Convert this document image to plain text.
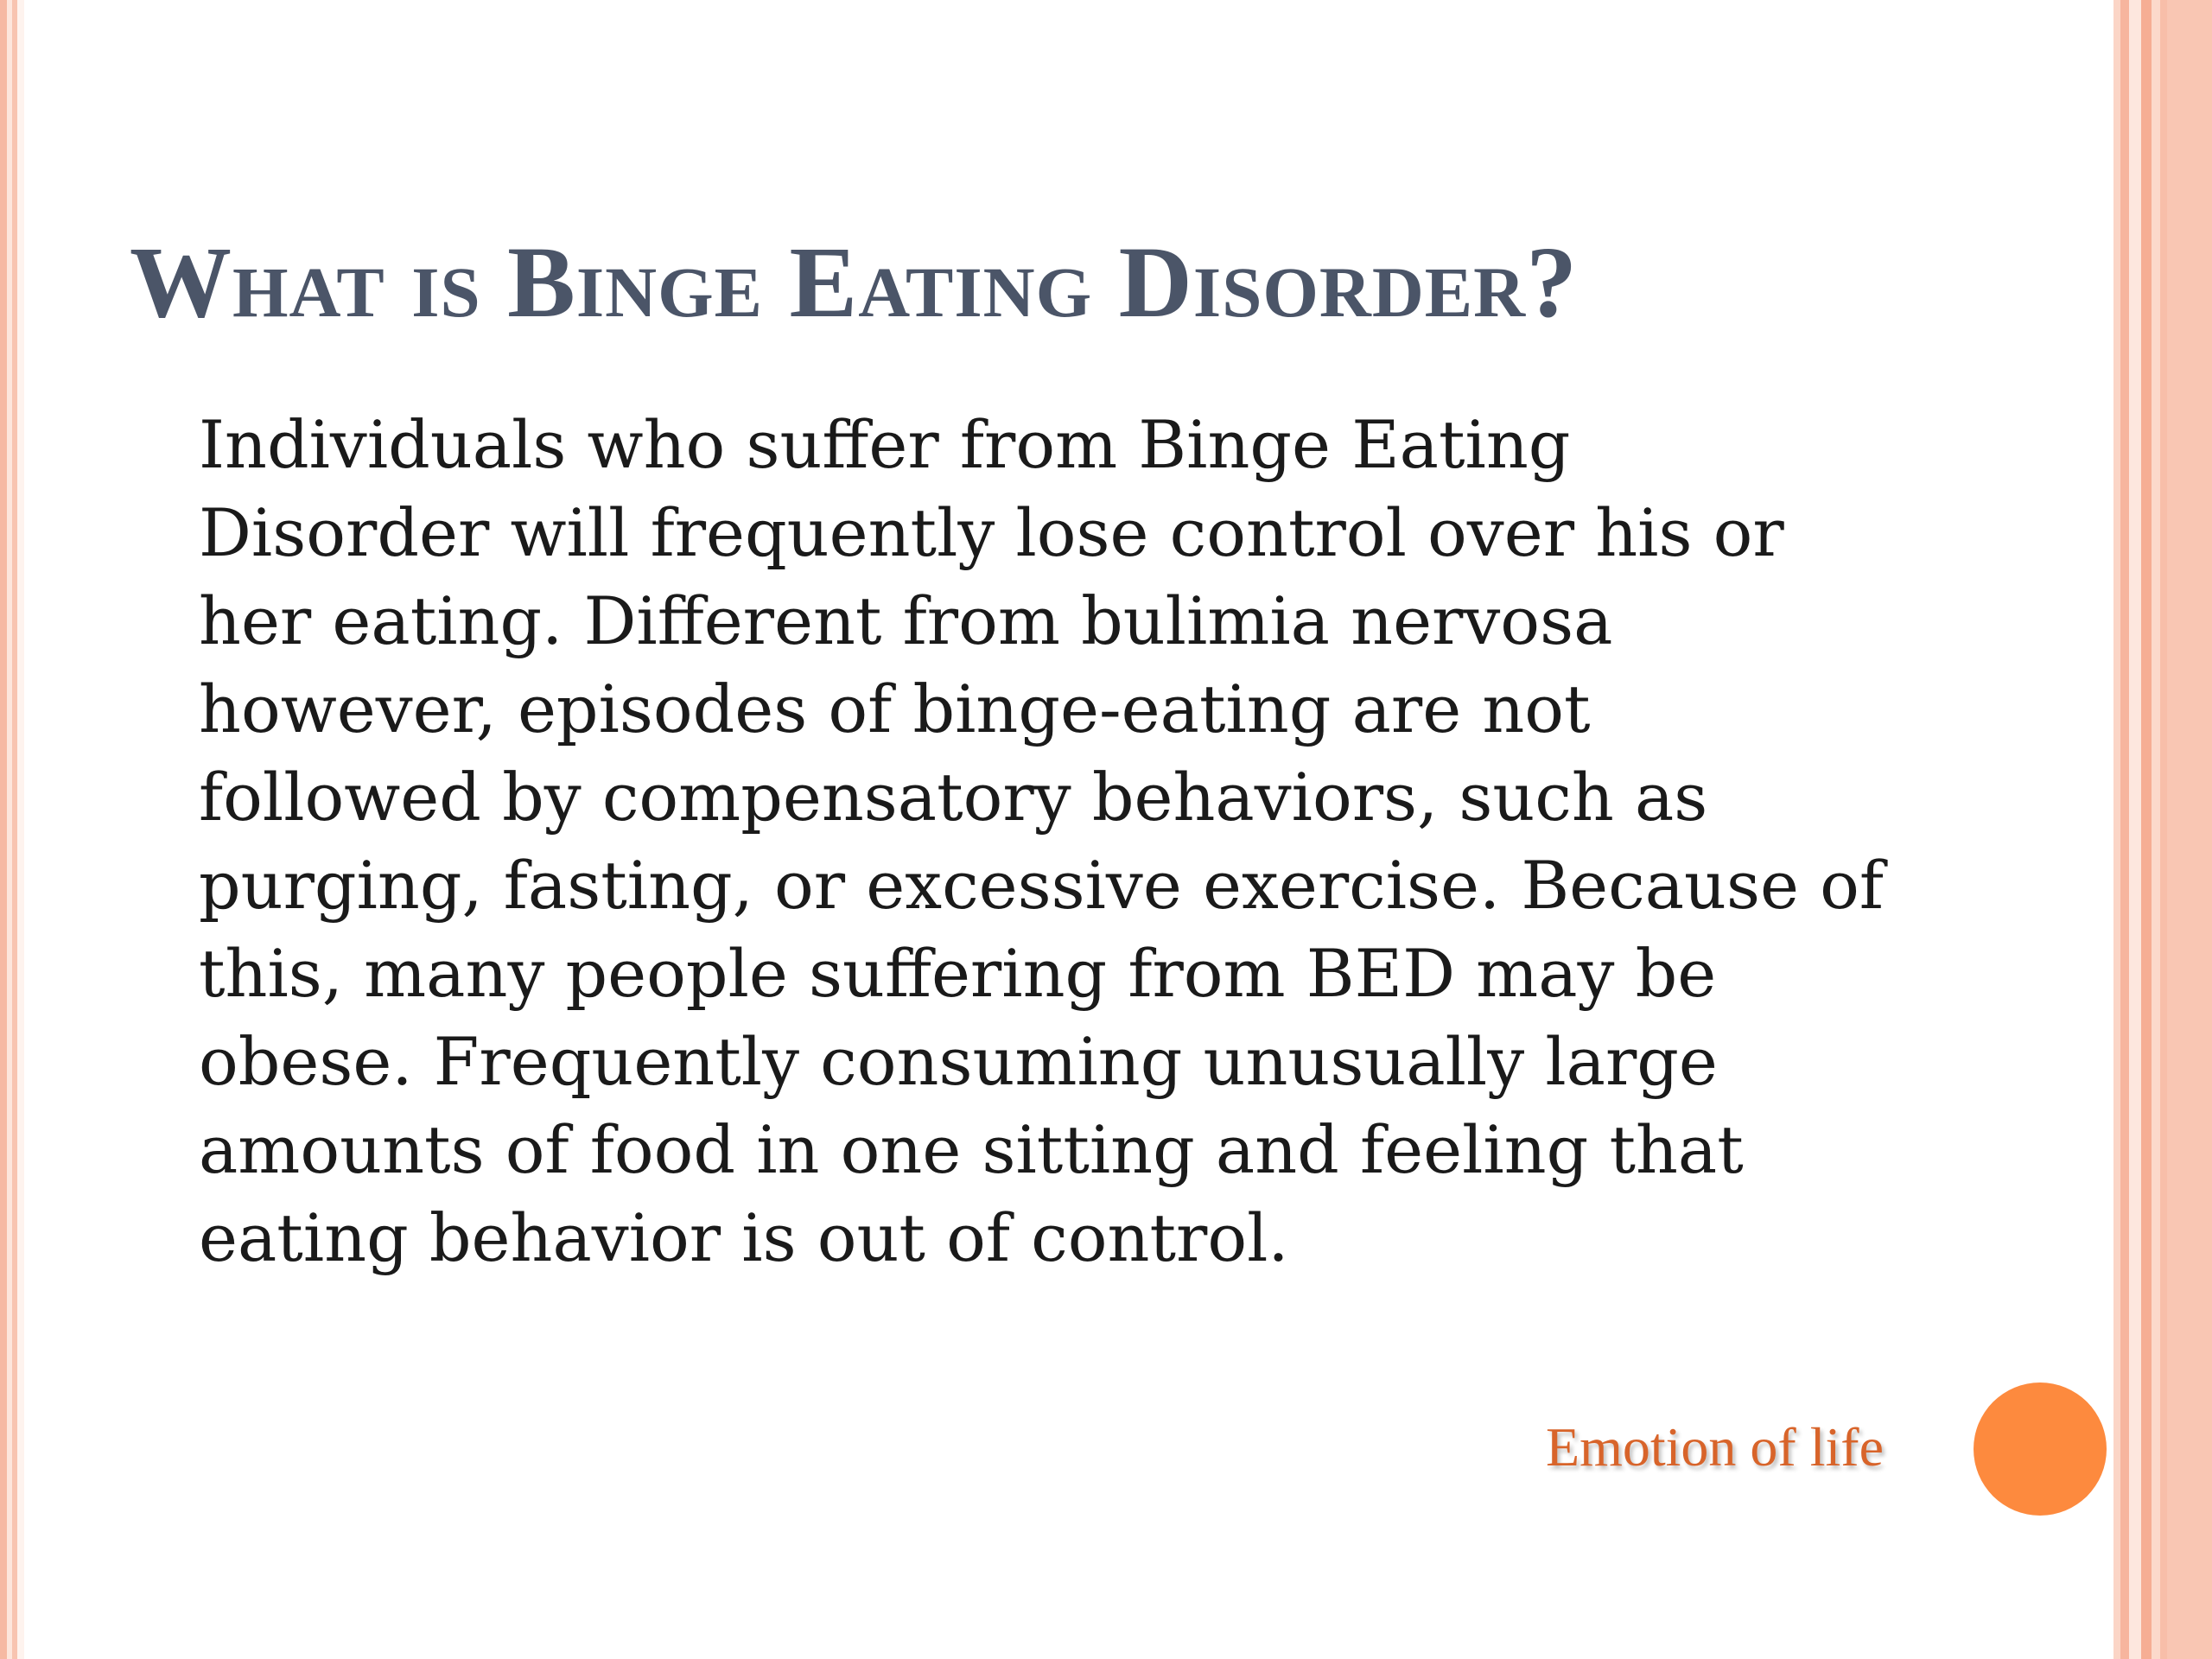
What is Binge Eating Disorder?

Individuals who suffer from Binge Eating
Disorder will frequently lose control over his or
her eating. Different from bulimia nervosa
however, episodes of binge-eating are not
followed by compensatory behaviors, such as
purging, fasting, or excessive exercise. Because of
this, many people suffering from BED may be
obese. Frequently consuming unusually large
amounts of food in one sitting and feeling that
eating behavior is out of control.

Emotion of life
